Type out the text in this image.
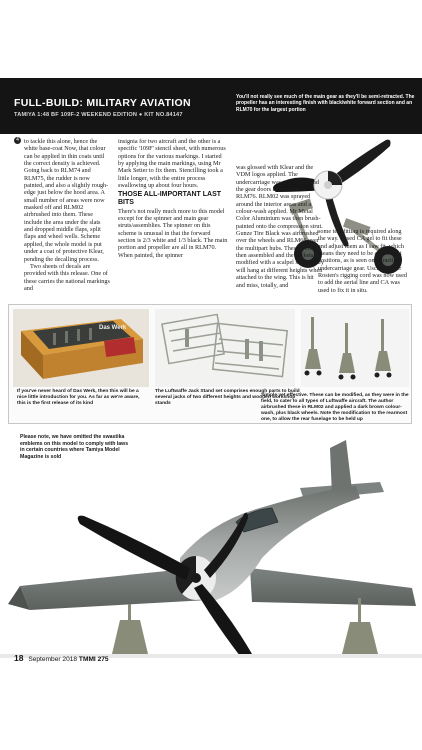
FULL-BUILD: MILITARY AVIATION
TAMIYA 1:48 BF 109F-2 WEEKEND EDITION ● KIT NO.84147
You'll not really see much of the main gear as they'll be semi-retracted. The propeller has an interesting finish with black/white forward section and an RLM70 for the largest portion
4 to tackle this alone, hence the white base-coat Now, that colour can be applied in thin coats until the correct density is achieved. Going back to RLM74 and RLM75, the rudder is now painted, and also a slightly rough-edge just below the hood area. A small number of areas were now masked off and RLM02 airbrushed into them. These include the area under the slats and dropped middle flaps, split flaps and wheel wells. Scheme applied, the whole model is put under a coat of protective Klear, pending the decalling process.

Two sheets of decals are provided with this release. One of these carries the national markings and

insignia for two aircraft and the other is a specific '109F' stencil sheet, with numerous options for the various markings. I started by applying the main markings, using Mr Mark Setter to fix them. Stencilling took a little longer, with the entire process swallowing up about four hours.

THOSE ALL-IMPORTANT LAST BITS

There's not really much more to this model except for the spinner and main gear struts/assemblies. The spinner on this scheme is unusual in that the forward section is 2/3 white and 1/3 black. The main portion and propeller are all in RLM70. When painted, the spinner

was glossed with Klear and the VDM logos applied. The undercarriage was assembled and the gear doors airbrushed in RLM76. RLM02 was sprayed around the interior areas and a colour-wash applied. Mr Metal Color Aluminium was then brush-painted onto the compression strut. Gunze Tire Black was airbrushed over the wheels and RLM66 over the multipart hubs. These were all then assembled and the sockets modified with a scalpel so that they will hang at different heights when attached to the wing. This is hit and miss, totally, and

some test-fitting is required along the way. I used CA gel to fit these and adjust them as I saw fit, which means they need to be at different positions, as is seen on retracting undercarriage gear. Uschi van der Rosten's rigging cord was now used to add the aerial line and CA was used to fix it in situ.

Das Werk
If you've never heard of Das Werk, then this will be a nice little introduction for you. As far as we're aware, this is the first release of its kind
The Luftwaffe Jack Stand set comprises enough parts to build several jacks of two different heights and wooden workshop stands
Simple yet effective. These can be modified, as they were in the field, to cater to all types of Luftwaffe aircraft. The author airbrushed these in RLM02 and applied a dark brown colour-wash, plus black wheels. Note the modification to the rearmost one, to allow the rear fuselage to be held up
Please note, we have omitted the swastika emblems on this model to comply with laws in certain countries where Tamiya Model Magazine is sold
18 September 2018 TMMI 275
